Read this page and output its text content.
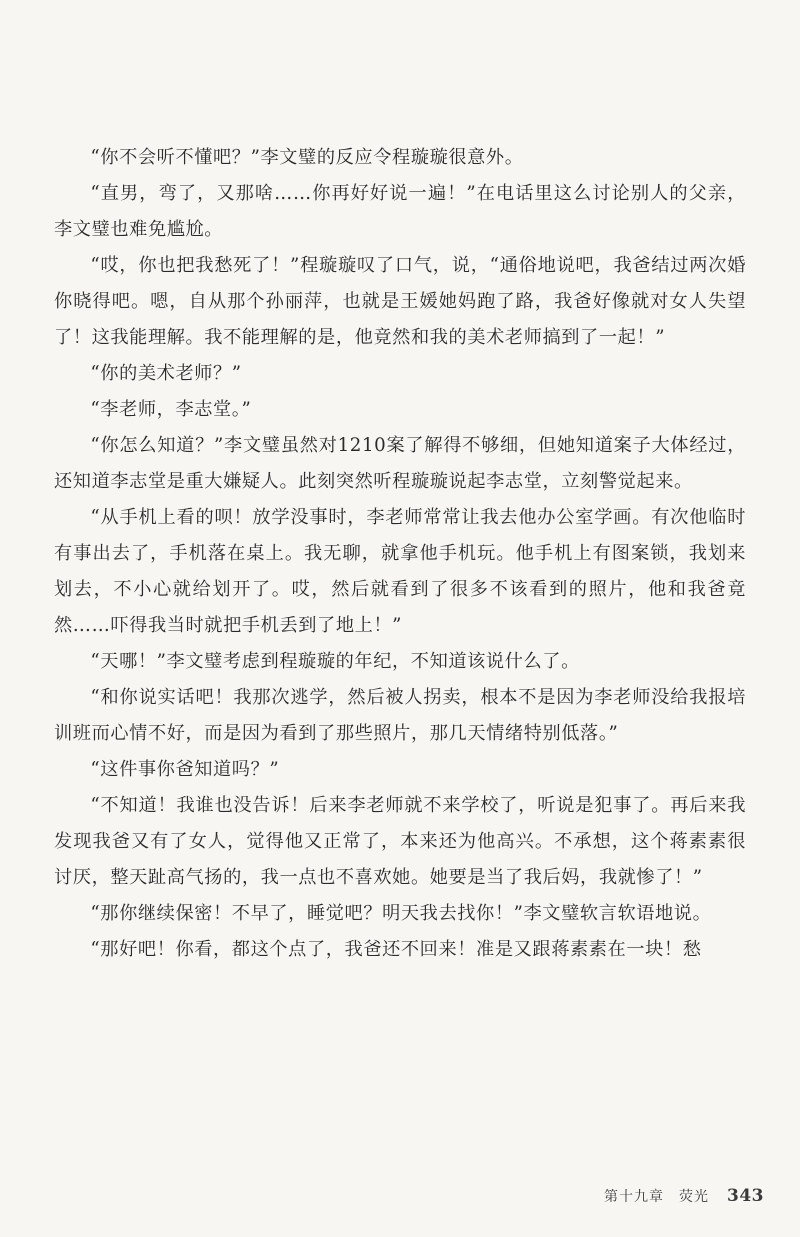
“你不会听不懂吧？”李文璧的反应令程璇璇很意外。

“直男，弯了，又那啥……你再好好说一遍！”在电话里这么讨论别人的父亲，李文璧也难免尴尬。

“哎，你也把我愁死了！”程璇璇叹了口气，说，“通俗地说吧，我爸结过两次婚你晓得吧。嗯，自从那个孙丽萍，也就是王媛她妈跑了路，我爸好像就对女人失望了！这我能理解。我不能理解的是，他竟然和我的美术老师搞到了一起！”

“你的美术老师？”

“李老师，李志堂。”

“你怎么知道？”李文璧虽然对1210案了解得不够细，但她知道案子大体经过，还知道李志堂是重大嫌疑人。此刻突然听程璇璇说起李志堂，立刻警觉起来。

“从手机上看的呗！放学没事时，李老师常常让我去他办公室学画。有次他临时有事出去了，手机落在桌上。我无聊，就拿他手机玩。他手机上有图案锁，我划来划去，不小心就给划开了。哎，然后就看到了很多不该看到的照片，他和我爸竟然……吓得我当时就把手机丢到了地上！”

“天哪！”李文璧考虑到程璇璇的年纪，不知道该说什么了。

“和你说实话吧！我那次逃学，然后被人拐卖，根本不是因为李老师没给我报培训班而心情不好，而是因为看到了那些照片，那几天情绪特别低落。”

“这件事你爸知道吗？”

“不知道！我谁也没告诉！后来李老师就不来学校了，听说是犯事了。再后来我发现我爸又有了女人，觉得他又正常了，本来还为他高兴。不承想，这个蒋素素很讨厌，整天趾高气扬的，我一点也不喜欢她。她要是当了我后妈，我就惨了！”

“那你继续保密！不早了，睡觉吧？明天我去找你！”李文璧软言软语地说。

“那好吧！你看，都这个点了，我爸还不回来！准是又跟蒋素素在一块！愁

第十九章　荧光 343
